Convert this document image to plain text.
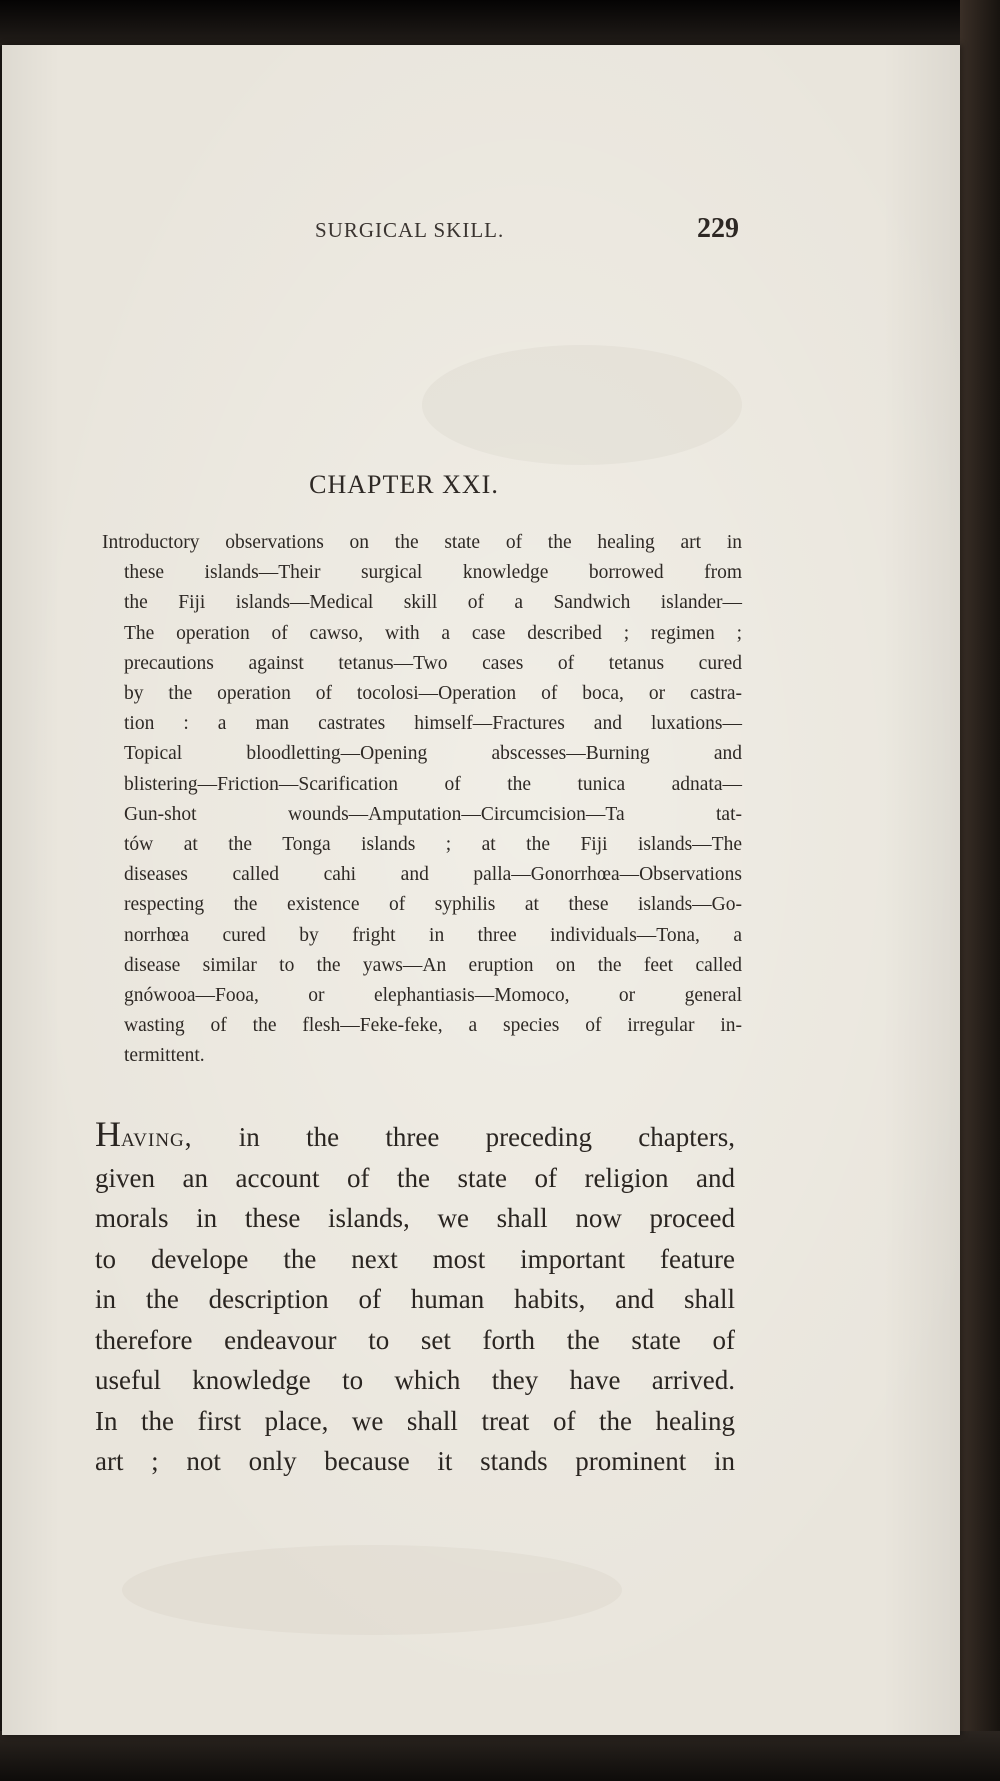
SURGICAL SKILL.	229
CHAPTER XXI.
Introductory observations on the state of the healing art in
these islands—Their surgical knowledge borrowed from
the Fiji islands—Medical skill of a Sandwich islander—
The operation of cawso, with a case described ; regimen ;
precautions against tetanus—Two cases of tetanus cured
by the operation of tocolosi—Operation of boca, or castra-
tion : a man castrates himself—Fractures and luxations—
Topical bloodletting—Opening abscesses—Burning and
blistering—Friction—Scarification of the tunica adnata—
Gun-shot wounds—Amputation—Circumcision—Ta tat-
tów at the Tonga islands ; at the Fiji islands—The
diseases called cahi and palla—Gonorrhœa—Observations
respecting the existence of syphilis at these islands—Go-
norrhœa cured by fright in three individuals—Tona, a
disease similar to the yaws—An eruption on the feet called
gnówooa—Fooa, or elephantiasis—Momoco, or general
wasting of the flesh—Feke-feke, a species of irregular in-
termittent.
Having, in the three preceding chapters,
given an account of the state of religion and
morals in these islands, we shall now proceed
to develope the next most important feature
in the description of human habits, and shall
therefore endeavour to set forth the state of
useful knowledge to which they have arrived.
In the first place, we shall treat of the healing
art ; not only because it stands prominent in
